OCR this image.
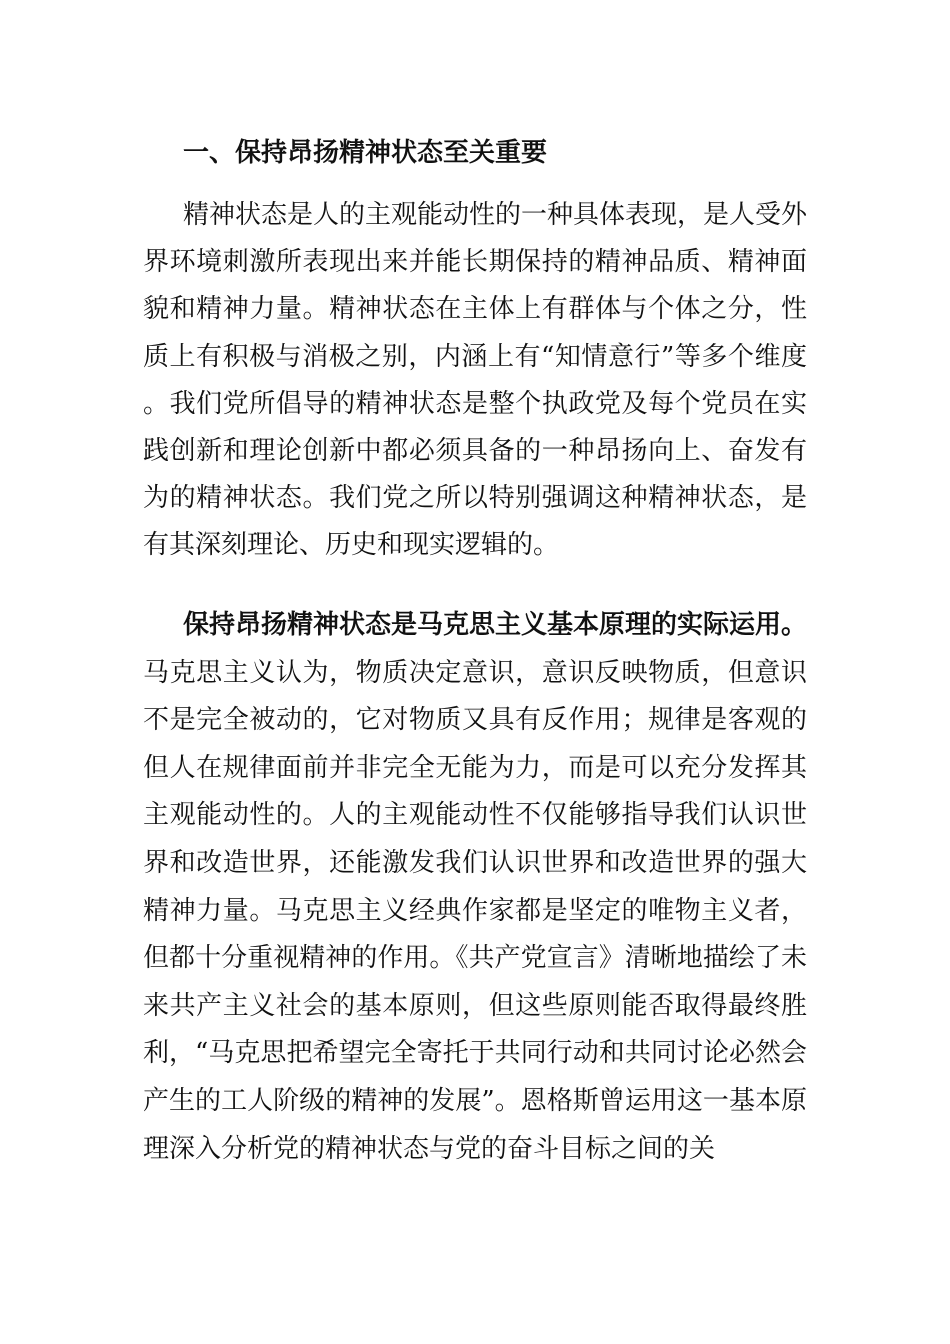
一、保持昂扬精神状态至关重要

精神状态是人的主观能动性的一种具体表现，是人受外界环境刺激所表现出来并能长期保持的精神品质、精神面貌和精神力量。精神状态在主体上有群体与个体之分，性质上有积极与消极之别，内涵上有“知情意行”等多个维度。我们党所倡导的精神状态是整个执政党及每个党员在实践创新和理论创新中都必须具备的一种昂扬向上、奋发有为的精神状态。我们党之所以特别强调这种精神状态，是有其深刻理论、历史和现实逻辑的。

保持昂扬精神状态是马克思主义基本原理的实际运用。马克思主义认为，物质决定意识，意识反映物质，但意识不是完全被动的，它对物质又具有反作用；规律是客观的但人在规律面前并非完全无能为力，而是可以充分发挥其主观能动性的。人的主观能动性不仅能够指导我们认识世界和改造世界，还能激发我们认识世界和改造世界的强大精神力量。马克思主义经典作家都是坚定的唯物主义者，但都十分重视精神的作用。《共产党宣言》清晰地描绘了未来共产主义社会的基本原则，但这些原则能否取得最终胜利，“马克思把希望完全寄托于共同行动和共同讨论必然会产生的工人阶级的精神的发展”。恩格斯曾运用这一基本原理深入分析党的精神状态与党的奋斗目标之间的关
